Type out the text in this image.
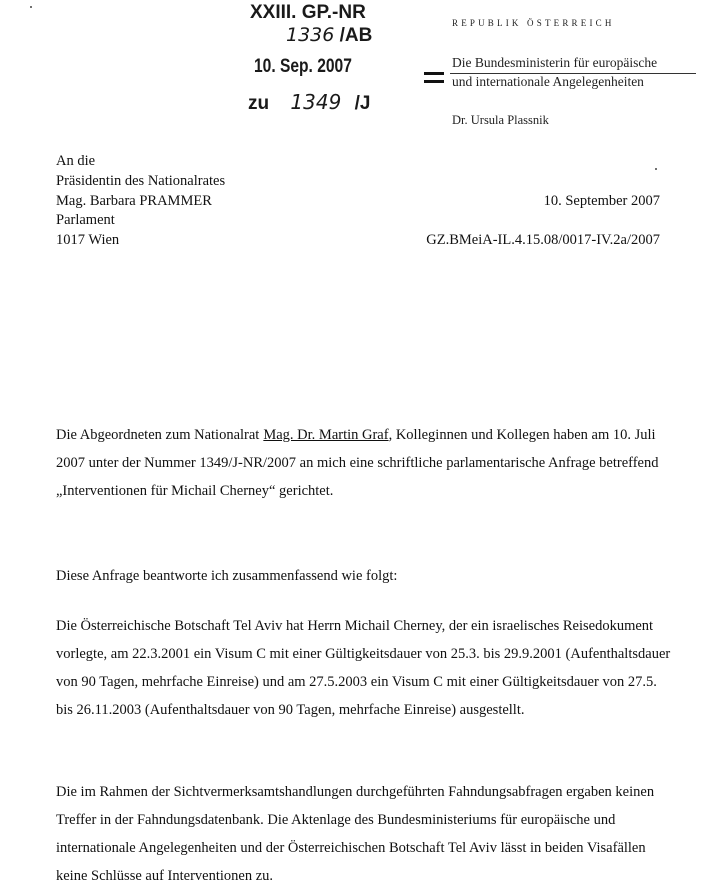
XXIII. GP.-NR
1336 /AB
10. Sep. 2007
zu 1349 /J
REPUBLIK ÖSTERREICH
Die Bundesministerin für europäische
und internationale Angelegenheiten
Dr. Ursula Plassnik
An die
Präsidentin des Nationalrates
Mag. Barbara PRAMMER
Parlament
1017 Wien
10. September 2007
GZ.BMeiA-IL.4.15.08/0017-IV.2a/2007

Die Abgeordneten zum Nationalrat Mag. Dr. Martin Graf, Kolleginnen und Kollegen haben am 10. Juli 2007 unter der Nummer 1349/J-NR/2007 an mich eine schriftliche parlamentarische Anfrage betreffend „Interventionen für Michail Cherney“ gerichtet.

Diese Anfrage beantworte ich zusammenfassend wie folgt:

Die Österreichische Botschaft Tel Aviv hat Herrn Michail Cherney, der ein israelisches Reisedokument vorlegte, am 22.3.2001 ein Visum C mit einer Gültigkeitsdauer von 25.3. bis 29.9.2001 (Aufenthaltsdauer von 90 Tagen, mehrfache Einreise) und am 27.5.2003 ein Visum C mit einer Gültigkeitsdauer von 27.5. bis 26.11.2003 (Aufenthaltsdauer von 90 Tagen, mehrfache Einreise) ausgestellt.

Die im Rahmen der Sichtvermerksamtshandlungen durchgeführten Fahndungsabfragen ergaben keinen Treffer in der Fahndungsdatenbank. Die Aktenlage des Bundesministeriums für europäische und internationale Angelegenheiten und der Österreichischen Botschaft Tel Aviv lässt in beiden Visafällen keine Schlüsse auf Interventionen zu.
